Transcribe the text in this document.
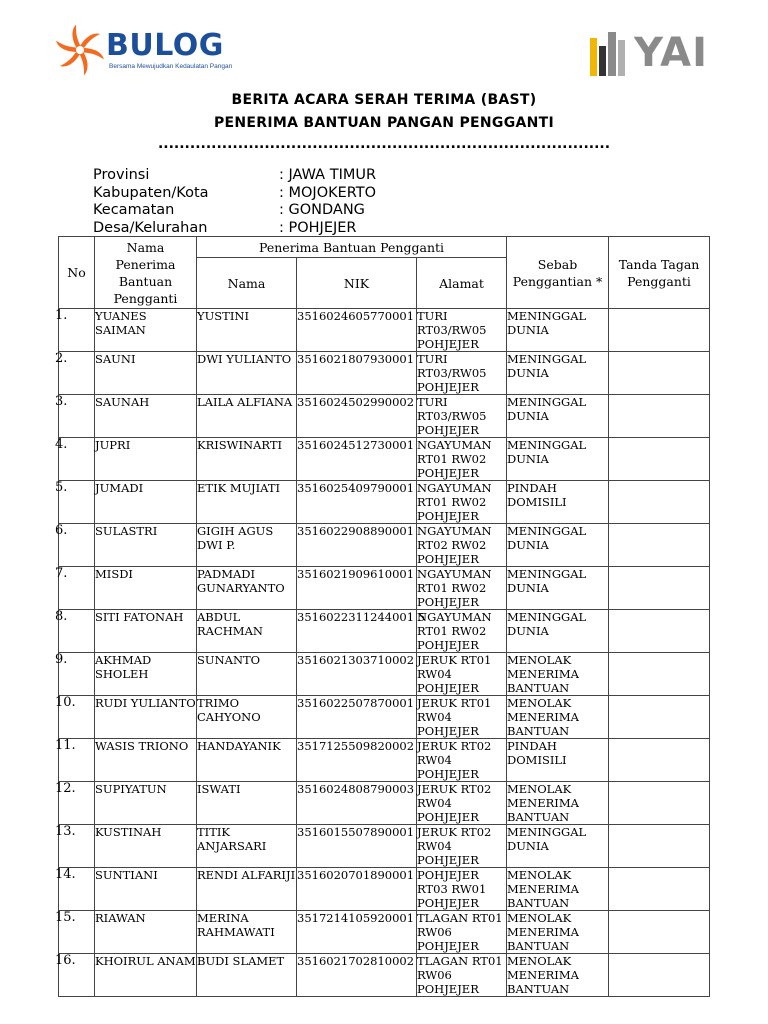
BULOG
Bersama Mewujudkan Kedaulatan Pangan	YAI
BERITA ACARA SERAH TERIMA (BAST)
PENERIMA BANTUAN PANGAN PENGGANTI
.....................................................................................
Provinsi	: JAWA TIMUR
Kabupaten/Kota	: MOJOKERTO
Kecamatan	: GONDANG
Desa/Kelurahan	: POHJEJER
No	Nama Penerima Bantuan Pengganti	Penerima Bantuan Pengganti			Sebab Penggantian *	Tanda Tagan Pengganti
		Nama	NIK	Alamat		
1.	YUANES SAIMAN	YUSTINI	3516024605770001	TURI RT03/RW05 POHJEJER	MENINGGAL DUNIA	
2.	SAUNI	DWI YULIANTO	3516021807930001	TURI RT03/RW05 POHJEJER	MENINGGAL DUNIA	
3.	SAUNAH	LAILA ALFIANA	3516024502990002	TURI RT03/RW05 POHJEJER	MENINGGAL DUNIA	
4.	JUPRI	KRISWINARTI	3516024512730001	NGAYUMAN RT01 RW02 POHJEJER	MENINGGAL DUNIA	
5.	JUMADI	ETIK MUJIATI	3516025409790001	NGAYUMAN RT01 RW02 POHJEJER	PINDAH DOMISILI	
6.	SULASTRI	GIGIH AGUS DWI P.	3516022908890001	NGAYUMAN RT02 RW02 POHJEJER	MENINGGAL DUNIA	
7.	MISDI	PADMADI GUNARYANTO	3516021909610001	NGAYUMAN RT01 RW02 POHJEJER	MENINGGAL DUNIA	
8.	SITI FATONAH	ABDUL RACHMAN	3516022311244001 5	NGAYUMAN RT01 RW02 POHJEJER	MENINGGAL DUNIA	
9.	AKHMAD SHOLEH	SUNANTO	3516021303710002	JERUK RT01 RW04 POHJEJER	MENOLAK MENERIMA BANTUAN	
10.	RUDI YULIANTO	TRIMO CAHYONO	3516022507870001	JERUK RT01 RW04 POHJEJER	MENOLAK MENERIMA BANTUAN	
11.	WASIS TRIONO	HANDAYANIK	3517125509820002	JERUK RT02 RW04 POHJEJER	PINDAH DOMISILI	
12.	SUPIYATUN	ISWATI	3516024808790003	JERUK RT02 RW04 POHJEJER	MENOLAK MENERIMA BANTUAN	
13.	KUSTINAH	TITIK ANJARSARI	3516015507890001	JERUK RT02 RW04 POHJEJER	MENINGGAL DUNIA	
14.	SUNTIANI	RENDI ALFARIJI	3516020701890001	POHJEJER RT03 RW01 POHJEJER	MENOLAK MENERIMA BANTUAN	
15.	RIAWAN	MERINA RAHMAWATI	3517214105920001	TLAGAN RT01 RW06 POHJEJER	MENOLAK MENERIMA BANTUAN	
16.	KHOIRUL ANAM	BUDI SLAMET	3516021702810002	TLAGAN RT01 RW06 POHJEJER	MENOLAK MENERIMA BANTUAN	
